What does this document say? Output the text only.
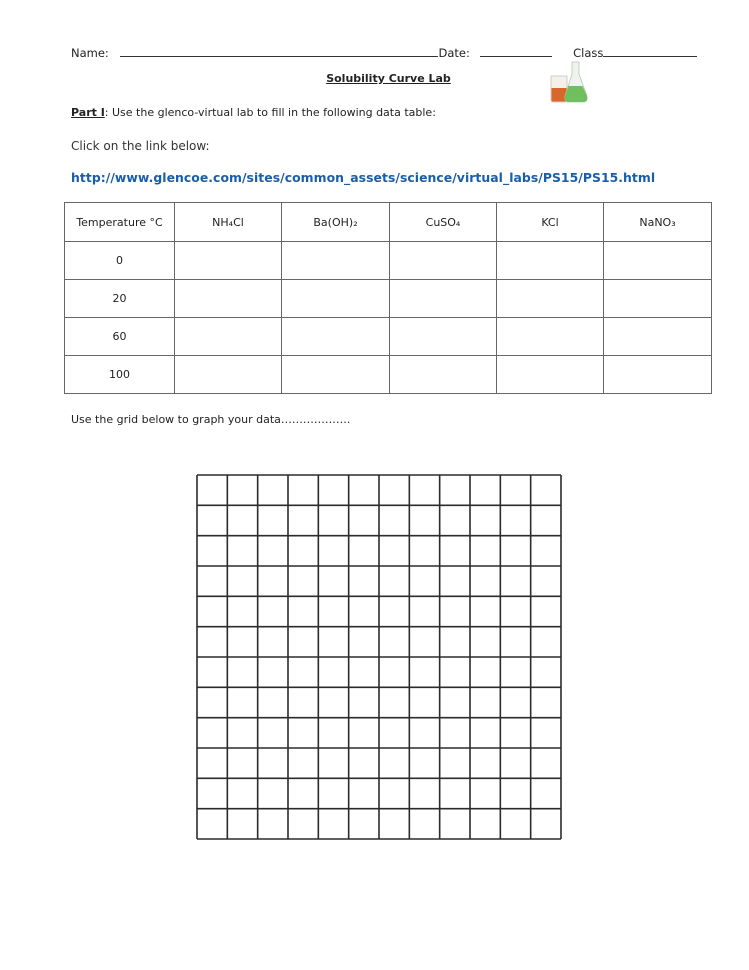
Name:	Date:	Class
Solubility Curve Lab
Part I: Use the glenco-virtual lab to fill in the following data table:
Click on the link below:
http://www.glencoe.com/sites/common_assets/science/virtual_labs/PS15/PS15.html
Temperature °C	NH₄Cl	Ba(OH)₂	CuSO₄	KCl	NaNO₃
0					
20					
60					
100					
Use the grid below to graph your data……………….
